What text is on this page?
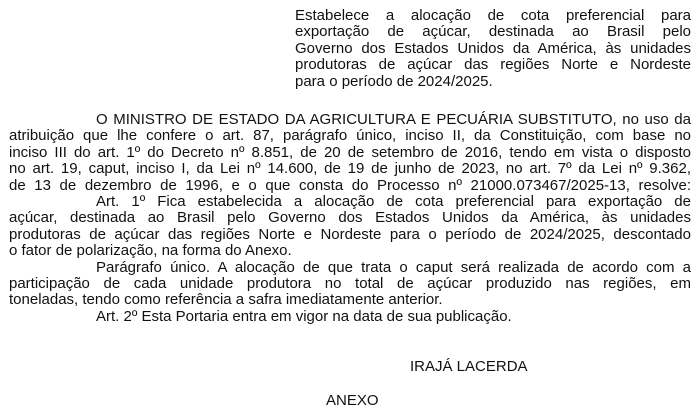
Estabelece a alocação de cota preferencial para
exportação de açúcar, destinada ao Brasil pelo
Governo dos Estados Unidos da América, às unidades
produtoras de açúcar das regiões Norte e Nordeste
para o período de 2024/2025.

O MINISTRO DE ESTADO DA AGRICULTURA E PECUÁRIA SUBSTITUTO, no uso da
atribuição que lhe confere o art. 87, parágrafo único, inciso II, da Constituição, com base no
inciso III do art. 1º do Decreto nº 8.851, de 20 de setembro de 2016, tendo em vista o disposto
no art. 19, caput, inciso I, da Lei nº 14.600, de 19 de junho de 2023, no art. 7º da Lei nº 9.362,
de 13 de dezembro de 1996, e o que consta do Processo nº 21000.073467/2025-13, resolve:

Art. 1º Fica estabelecida a alocação de cota preferencial para exportação de
açúcar, destinada ao Brasil pelo Governo dos Estados Unidos da América, às unidades
produtoras de açúcar das regiões Norte e Nordeste para o período de 2024/2025, descontado
o fator de polarização, na forma do Anexo.

Parágrafo único. A alocação de que trata o caput será realizada de acordo com a
participação de cada unidade produtora no total de açúcar produzido nas regiões, em
toneladas, tendo como referência a safra imediatamente anterior.

Art. 2º Esta Portaria entra em vigor na data de sua publicação.

IRAJÁ LACERDA

ANEXO
